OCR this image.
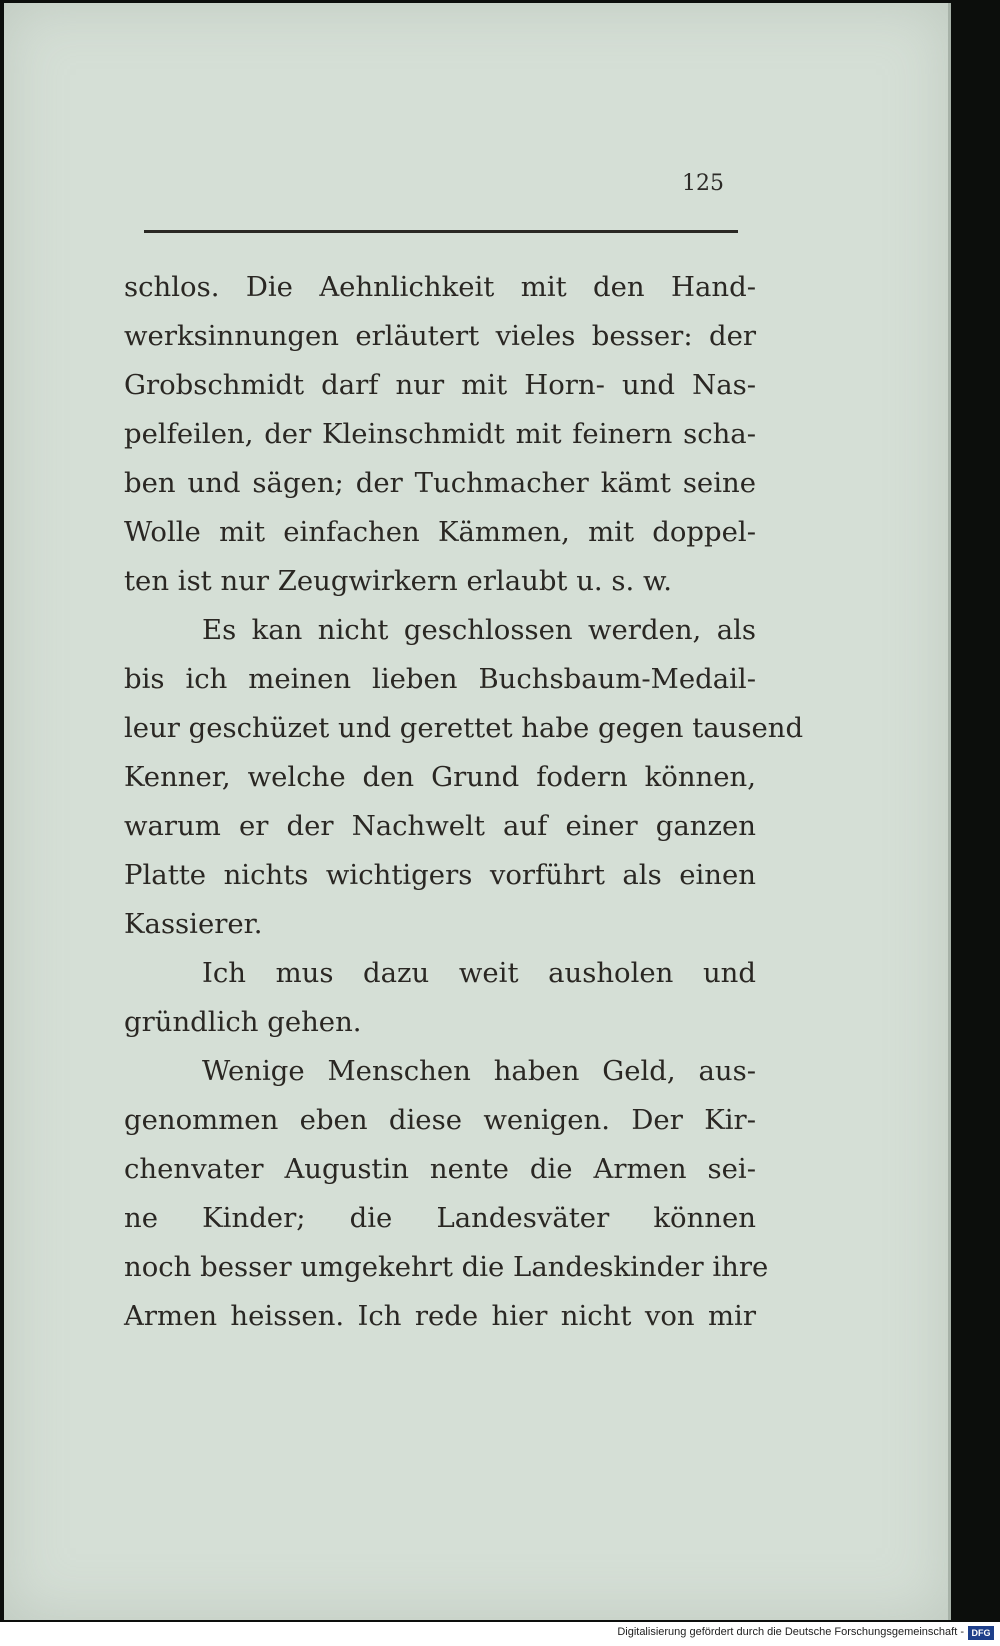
125
schlos. Die Aehnlichkeit mit den Hand-
werksinnungen erläutert vieles besser: der
Grobschmidt darf nur mit Horn- und Nas-
pelfeilen, der Kleinschmidt mit feinern scha-
ben und sägen; der Tuchmacher kämt seine
Wolle mit einfachen Kämmen, mit doppel-
ten ist nur Zeugwirkern erlaubt u. s. w.
Es kan nicht geschlossen werden, als
bis ich meinen lieben Buchsbaum-Medail-
leur geschüzet und gerettet habe gegen tausend
Kenner, welche den Grund fodern können,
warum er der Nachwelt auf einer ganzen
Platte nichts wichtigers vorführt als einen
Kassierer.
Ich mus dazu weit ausholen und
gründlich gehen.
Wenige Menschen haben Geld, aus-
genommen eben diese wenigen. Der Kir-
chenvater Augustin nente die Armen sei-
ne Kinder; die Landesväter können
noch besser umgekehrt die Landeskinder ihre
Armen heissen. Ich rede hier nicht von mir
Digitalisierung gefördert durch die Deutsche Forschungsgemeinschaft - DFG
